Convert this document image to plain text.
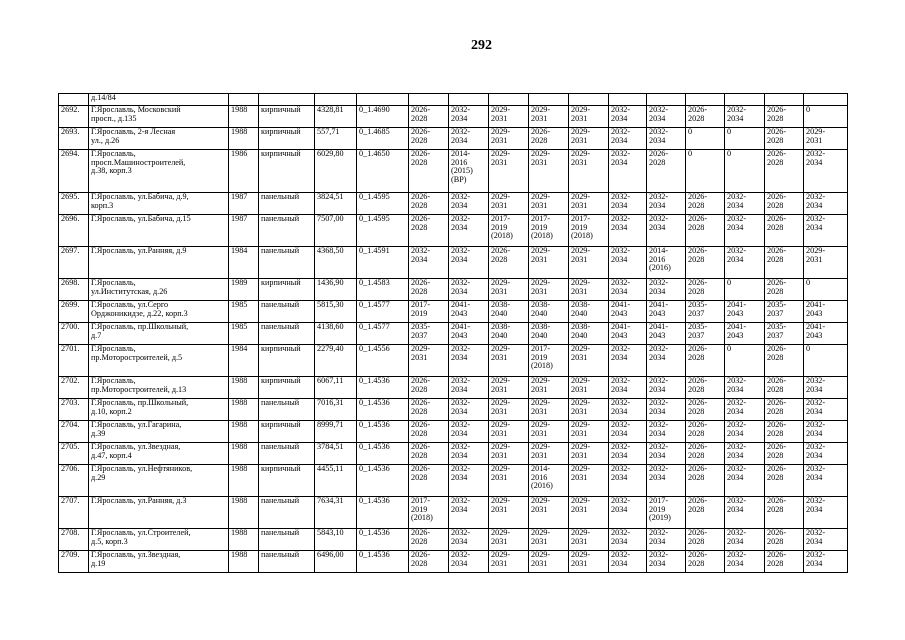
292
	д.14/84															
2692.	Г.Ярославль, Московский
просп., д.135	1988	кирпичный	4328,81	0_1.4690	2026-
2028	2032-
2034	2029-
2031	2029-
2031	2029-
2031	2032-
2034	2032-
2034	2026-
2028	2032-
2034	2026-
2028	0
2693.	Г.Ярославль, 2-я Лесная
ул., д.26	1988	кирпичный	557,71	0_1.4685	2026-
2028	2032-
2034	2029-
2031	2026-
2028	2029-
2031	2032-
2034	2032-
2034	0	0	2026-
2028	2029-
2031
2694.	Г.Ярославль,
просп.Машиностроителей,
д.38, корп.3	1986	кирпичный	6029,80	0_1.4650	2026-
2028	2014-
2016
(2015)
(ВР)	2029-
2031	2029-
2031	2029-
2031	2032-
2034	2026-
2028	0	0	2026-
2028	2032-
2034
2695.	Г.Ярославль, ул.Бабича, д.9,
корп.3	1987	панельный	3824,51	0_1.4595	2026-
2028	2032-
2034	2029-
2031	2029-
2031	2029-
2031	2032-
2034	2032-
2034	2026-
2028	2032-
2034	2026-
2028	2032-
2034
2696.	Г.Ярославль, ул.Бабича, д.15	1987	панельный	7507,00	0_1.4595	2026-
2028	2032-
2034	2017-
2019
(2018)	2017-
2019
(2018)	2017-
2019
(2018)	2032-
2034	2032-
2034	2026-
2028	2032-
2034	2026-
2028	2032-
2034
2697.	Г.Ярославль, ул.Ранняя, д.9	1984	панельный	4368,50	0_1.4591	2032-
2034	2032-
2034	2026-
2028	2029-
2031	2029-
2031	2032-
2034	2014-
2016
(2016)	2026-
2028	2032-
2034	2026-
2028	2029-
2031
2698.	Г.Ярославль,
ул.Институтская, д.26	1989	кирпичный	1436,90	0_1.4583	2026-
2028	2032-
2034	2029-
2031	2029-
2031	2029-
2031	2032-
2034	2032-
2034	2026-
2028	0	2026-
2028	0
2699.	Г.Ярославль, ул.Серго
Орджоникидзе, д.22, корп.3	1985	панельный	5815,30	0_1.4577	2017-
2019	2041-
2043	2038-
2040	2038-
2040	2038-
2040	2041-
2043	2041-
2043	2035-
2037	2041-
2043	2035-
2037	2041-
2043
2700.	Г.Ярославль, пр.Школьный,
д.7	1985	панельный	4138,60	0_1.4577	2035-
2037	2041-
2043	2038-
2040	2038-
2040	2038-
2040	2041-
2043	2041-
2043	2035-
2037	2041-
2043	2035-
2037	2041-
2043
2701.	Г.Ярославль,
пр.Моторостроителей, д.5	1984	кирпичный	2279,40	0_1.4556	2029-
2031	2032-
2034	2029-
2031	2017-
2019
(2018)	2029-
2031	2032-
2034	2032-
2034	2026-
2028	0	2026-
2028	0
2702.	Г.Ярославль,
пр.Моторостроителей, д.13	1988	кирпичный	6067,11	0_1.4536	2026-
2028	2032-
2034	2029-
2031	2029-
2031	2029-
2031	2032-
2034	2032-
2034	2026-
2028	2032-
2034	2026-
2028	2032-
2034
2703.	Г.Ярославль, пр.Школьный,
д.10, корп.2	1988	панельный	7016,31	0_1.4536	2026-
2028	2032-
2034	2029-
2031	2029-
2031	2029-
2031	2032-
2034	2032-
2034	2026-
2028	2032-
2034	2026-
2028	2032-
2034
2704.	Г.Ярославль, ул.Гагарина,
д.39	1988	кирпичный	8999,71	0_1.4536	2026-
2028	2032-
2034	2029-
2031	2029-
2031	2029-
2031	2032-
2034	2032-
2034	2026-
2028	2032-
2034	2026-
2028	2032-
2034
2705.	Г.Ярославль, ул.Звездная,
д.47, корп.4	1988	панельный	3784,51	0_1.4536	2026-
2028	2032-
2034	2029-
2031	2029-
2031	2029-
2031	2032-
2034	2032-
2034	2026-
2028	2032-
2034	2026-
2028	2032-
2034
2706.	Г.Ярославль, ул.Нефтяников,
д.29	1988	кирпичный	4455,11	0_1.4536	2026-
2028	2032-
2034	2029-
2031	2014-
2016
(2016)	2029-
2031	2032-
2034	2032-
2034	2026-
2028	2032-
2034	2026-
2028	2032-
2034
2707.	Г.Ярославль, ул.Ранняя, д.3	1988	панельный	7634,31	0_1.4536	2017-
2019
(2018)	2032-
2034	2029-
2031	2029-
2031	2029-
2031	2032-
2034	2017-
2019
(2019)	2026-
2028	2032-
2034	2026-
2028	2032-
2034
2708.	Г.Ярославль, ул.Строителей,
д.5, корп.3	1988	панельный	5843,10	0_1.4536	2026-
2028	2032-
2034	2029-
2031	2029-
2031	2029-
2031	2032-
2034	2032-
2034	2026-
2028	2032-
2034	2026-
2028	2032-
2034
2709.	Г.Ярославль, ул.Звездная,
д.19	1988	панельный	6496,00	0_1.4536	2026-
2028	2032-
2034	2029-
2031	2029-
2031	2029-
2031	2032-
2034	2032-
2034	2026-
2028	2032-
2034	2026-
2028	2032-
2034
